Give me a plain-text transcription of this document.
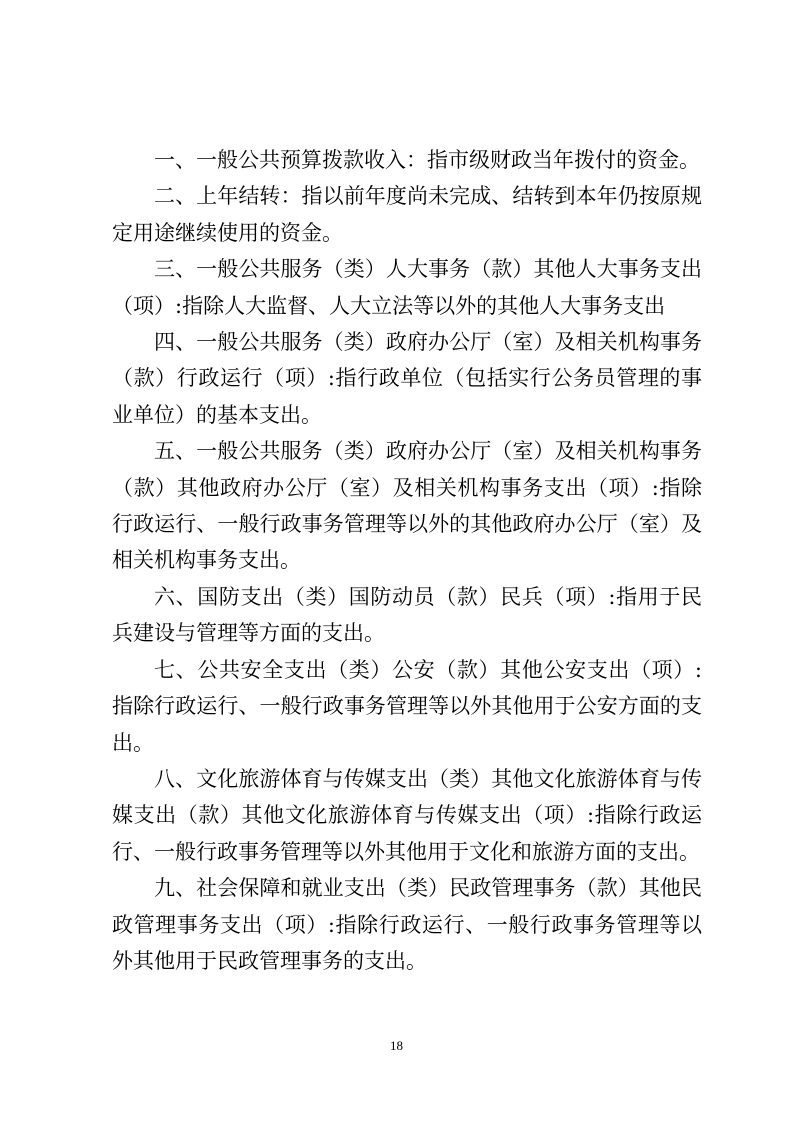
一、一般公共预算拨款收入：指市级财政当年拨付的资金。

二、上年结转：指以前年度尚未完成、结转到本年仍按原规定用途继续使用的资金。

三、一般公共服务（类）人大事务（款）其他人大事务支出（项）:指除人大监督、人大立法等以外的其他人大事务支出

四、一般公共服务（类）政府办公厅（室）及相关机构事务（款）行政运行（项）:指行政单位（包括实行公务员管理的事业单位）的基本支出。

五、一般公共服务（类）政府办公厅（室）及相关机构事务（款）其他政府办公厅（室）及相关机构事务支出（项）:指除行政运行、一般行政事务管理等以外的其他政府办公厅（室）及相关机构事务支出。

六、国防支出（类）国防动员（款）民兵（项）:指用于民兵建设与管理等方面的支出。

七、公共安全支出（类）公安（款）其他公安支出（项）:指除行政运行、一般行政事务管理等以外其他用于公安方面的支出。

八、文化旅游体育与传媒支出（类）其他文化旅游体育与传媒支出（款）其他文化旅游体育与传媒支出（项）:指除行政运行、一般行政事务管理等以外其他用于文化和旅游方面的支出。

九、社会保障和就业支出（类）民政管理事务（款）其他民政管理事务支出（项）:指除行政运行、一般行政事务管理等以外其他用于民政管理事务的支出。

18
